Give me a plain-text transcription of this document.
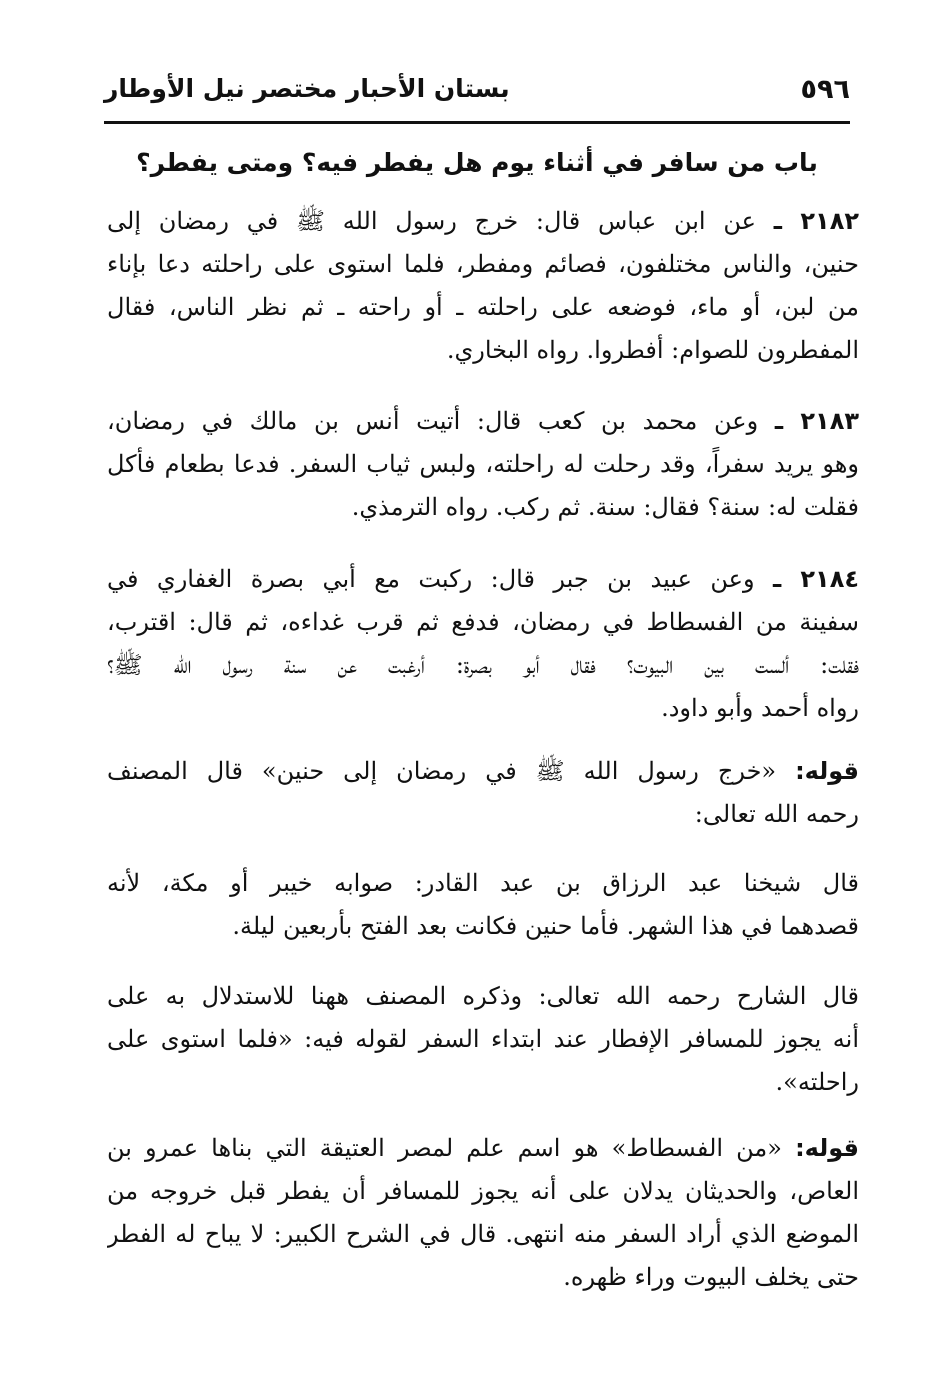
٥٩٦
بستان الأحبار مختصر نيل الأوطار
باب من سافر في أثناء يوم هل يفطر فيه؟ ومتى يفطر؟
٢١٨٢ ـ عن ابن عباس قال: خرج رسول الله ﷺ في رمضان إلى
حنين، والناس مختلفون، فصائم ومفطر، فلما استوى على راحلته دعا بإناء
من لبن، أو ماء، فوضعه على راحلته ـ أو راحته ـ ثم نظر الناس، فقال
المفطرون للصوام: أفطروا. رواه البخاري.
٢١٨٣ ـ وعن محمد بن كعب قال: أتيت أنس بن مالك في رمضان،
وهو يريد سفراً، وقد رحلت له راحلته، ولبس ثياب السفر. فدعا بطعام فأكل
فقلت له: سنة؟ فقال: سنة. ثم ركب. رواه الترمذي.
٢١٨٤ ـ وعن عبيد بن جبر قال: ركبت مع أبي بصرة الغفاري في
سفينة من الفسطاط في رمضان، فدفع ثم قرب غداءه، ثم قال: اقترب،
فقلت: ألست بين البيوت؟ فقال أبو بصرة: أرغبت عن سنة رسول الله ﷺ؟
رواه أحمد وأبو داود.
قوله: «خرج رسول الله ﷺ في رمضان إلى حنين» قال المصنف
رحمه الله تعالى:
قال شيخنا عبد الرزاق بن عبد القادر: صوابه خيبر أو مكة، لأنه
قصدهما في هذا الشهر. فأما حنين فكانت بعد الفتح بأربعين ليلة.
قال الشارح رحمه الله تعالى: وذكره المصنف ههنا للاستدلال به على
أنه يجوز للمسافر الإفطار عند ابتداء السفر لقوله فيه: «فلما استوى على
راحلته».
قوله: «من الفسطاط» هو اسم علم لمصر العتيقة التي بناها عمرو بن
العاص، والحديثان يدلان على أنه يجوز للمسافر أن يفطر قبل خروجه من
الموضع الذي أراد السفر منه انتهى. قال في الشرح الكبير: لا يباح له الفطر
حتى يخلف البيوت وراء ظهره.
